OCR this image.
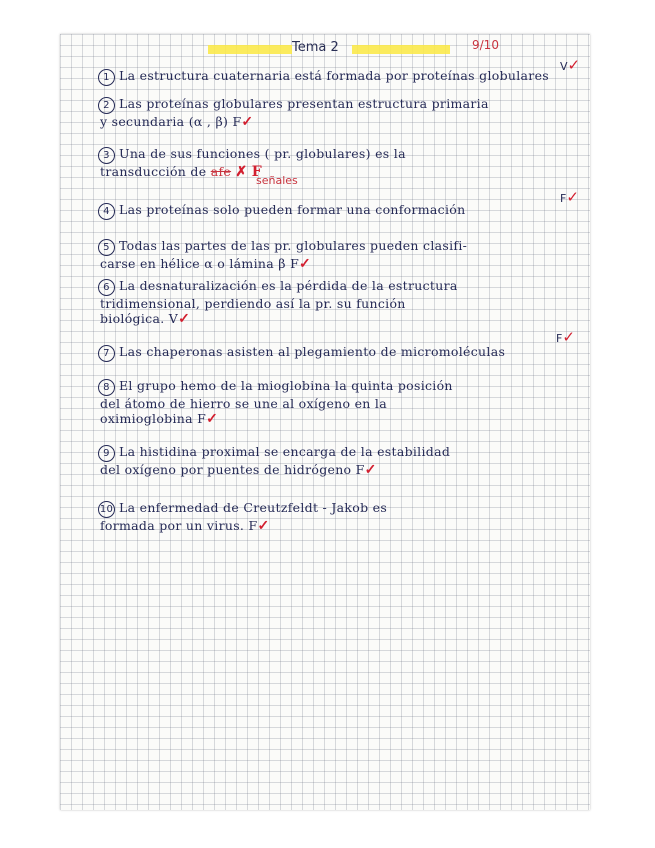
Tema 2	9/10
1 La estructura cuaternaria está formada por proteínas globulares
V✓
2 Las proteínas globulares presentan estructura primaria
y secundaria (α , β) F✓
3 Una de sus funciones ( pr. globulares) es la
transducción de afe ✗ F
señales
4 Las proteínas solo pueden formar una conformación
F✓
5 Todas las partes de las pr. globulares pueden clasifi-
carse en hélice α o lámina β F✓
6 La desnaturalización es la pérdida de la estructura
tridimensional, perdiendo así la pr. su función
biológica. V✓
7 Las chaperonas asisten al plegamiento de micromoléculas
F✓
8 El grupo hemo de la mioglobina la quinta posición
del átomo de hierro se une al oxígeno en la
oximioglobina F✓
9 La histidina proximal se encarga de la estabilidad
del oxígeno por puentes de hidrógeno F✓
10 La enfermedad de Creutzfeldt - Jakob es
formada por un virus. F✓
